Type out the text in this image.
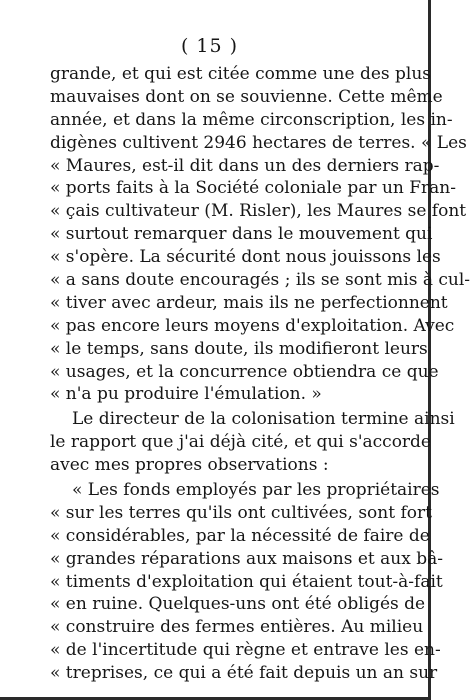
( 15 )
grande, et qui est citée comme une des plus
mauvaises dont on se souvienne. Cette même
année, et dans la même circonscription, les in-
digènes cultivent 2946 hectares de terres. « Les
« Maures, est-il dit dans un des derniers rap-
« ports faits à la Société coloniale par un Fran-
« çais cultivateur (M. Risler), les Maures se font
« surtout remarquer dans le mouvement qui
« s'opère. La sécurité dont nous jouissons les
« a sans doute encouragés ; ils se sont mis à cul-
« tiver avec ardeur, mais ils ne perfectionnent
« pas encore leurs moyens d'exploitation. Avec
« le temps, sans doute, ils modifieront leurs
« usages, et la concurrence obtiendra ce que
« n'a pu produire l'émulation. »
Le directeur de la colonisation termine ainsi
le rapport que j'ai déjà cité, et qui s'accorde
avec mes propres observations :
« Les fonds employés par les propriétaires
« sur les terres qu'ils ont cultivées, sont fort
« considérables, par la nécessité de faire de
« grandes réparations aux maisons et aux bâ-
« timents d'exploitation qui étaient tout-à-fait
« en ruine. Quelques-uns ont été obligés de
« construire des fermes entières. Au milieu
« de l'incertitude qui règne et entrave les en-
« treprises, ce qui a été fait depuis un an sur
